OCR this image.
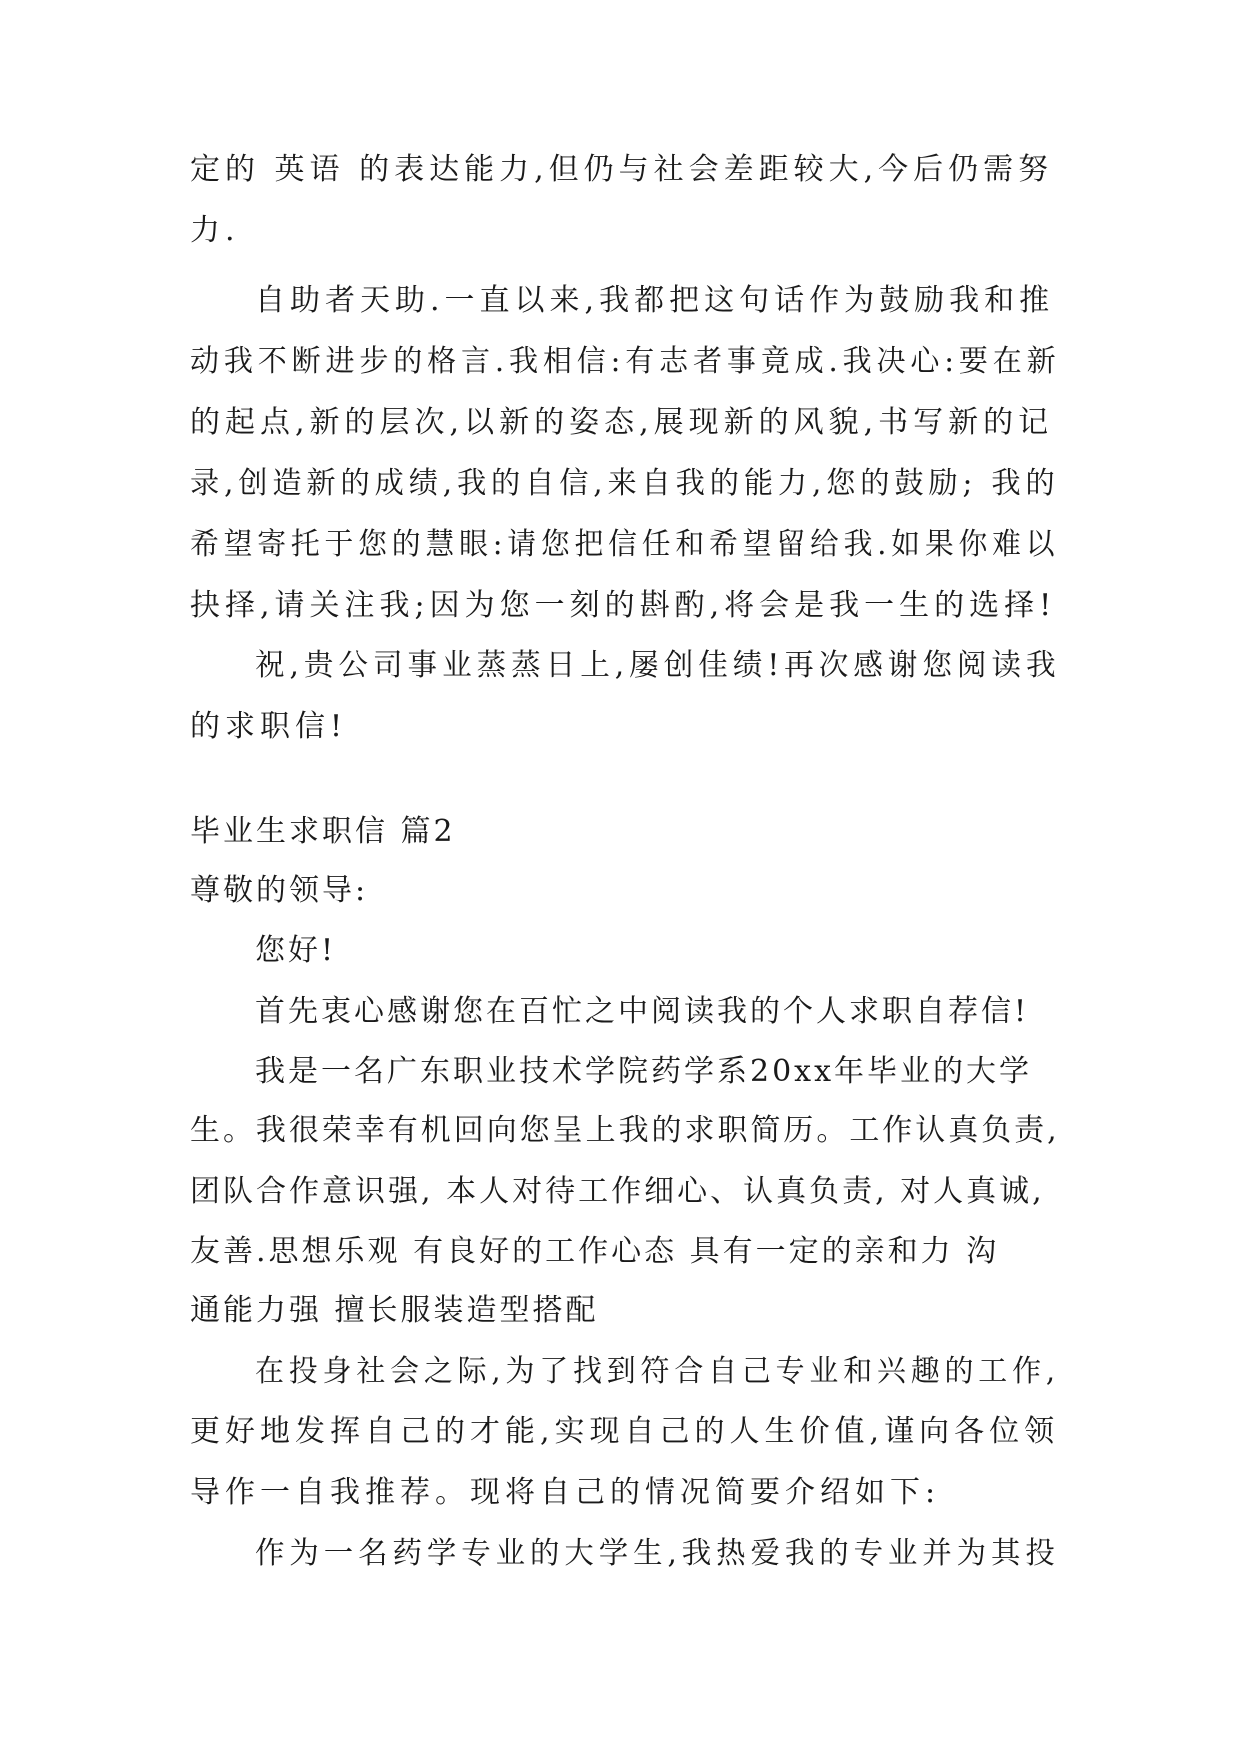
定的 英语 的表达能力,但仍与社会差距较大,今后仍需努
力.
自助者天助.一直以来,我都把这句话作为鼓励我和推
动我不断进步的格言.我相信:有志者事竟成.我决心:要在新
的起点,新的层次,以新的姿态,展现新的风貌,书写新的记
录,创造新的成绩,我的自信,来自我的能力,您的鼓励; 我的
希望寄托于您的慧眼:请您把信任和希望留给我.如果你难以
抉择,请关注我;因为您一刻的斟酌,将会是我一生的选择!
祝,贵公司事业蒸蒸日上,屡创佳绩!再次感谢您阅读我
的求职信!
毕业生求职信 篇2
尊敬的领导:
您好!
首先衷心感谢您在百忙之中阅读我的个人求职自荐信!
我是一名广东职业技术学院药学系20xx年毕业的大学
生。我很荣幸有机回向您呈上我的求职简历。工作认真负责,
团队合作意识强, 本人对待工作细心、认真负责, 对人真诚,
友善.思想乐观 有良好的工作心态 具有一定的亲和力 沟
通能力强 擅长服装造型搭配
在投身社会之际,为了找到符合自己专业和兴趣的工作,
更好地发挥自己的才能,实现自己的人生价值,谨向各位领
导作一自我推荐。现将自己的情况简要介绍如下:
作为一名药学专业的大学生,我热爱我的专业并为其投
